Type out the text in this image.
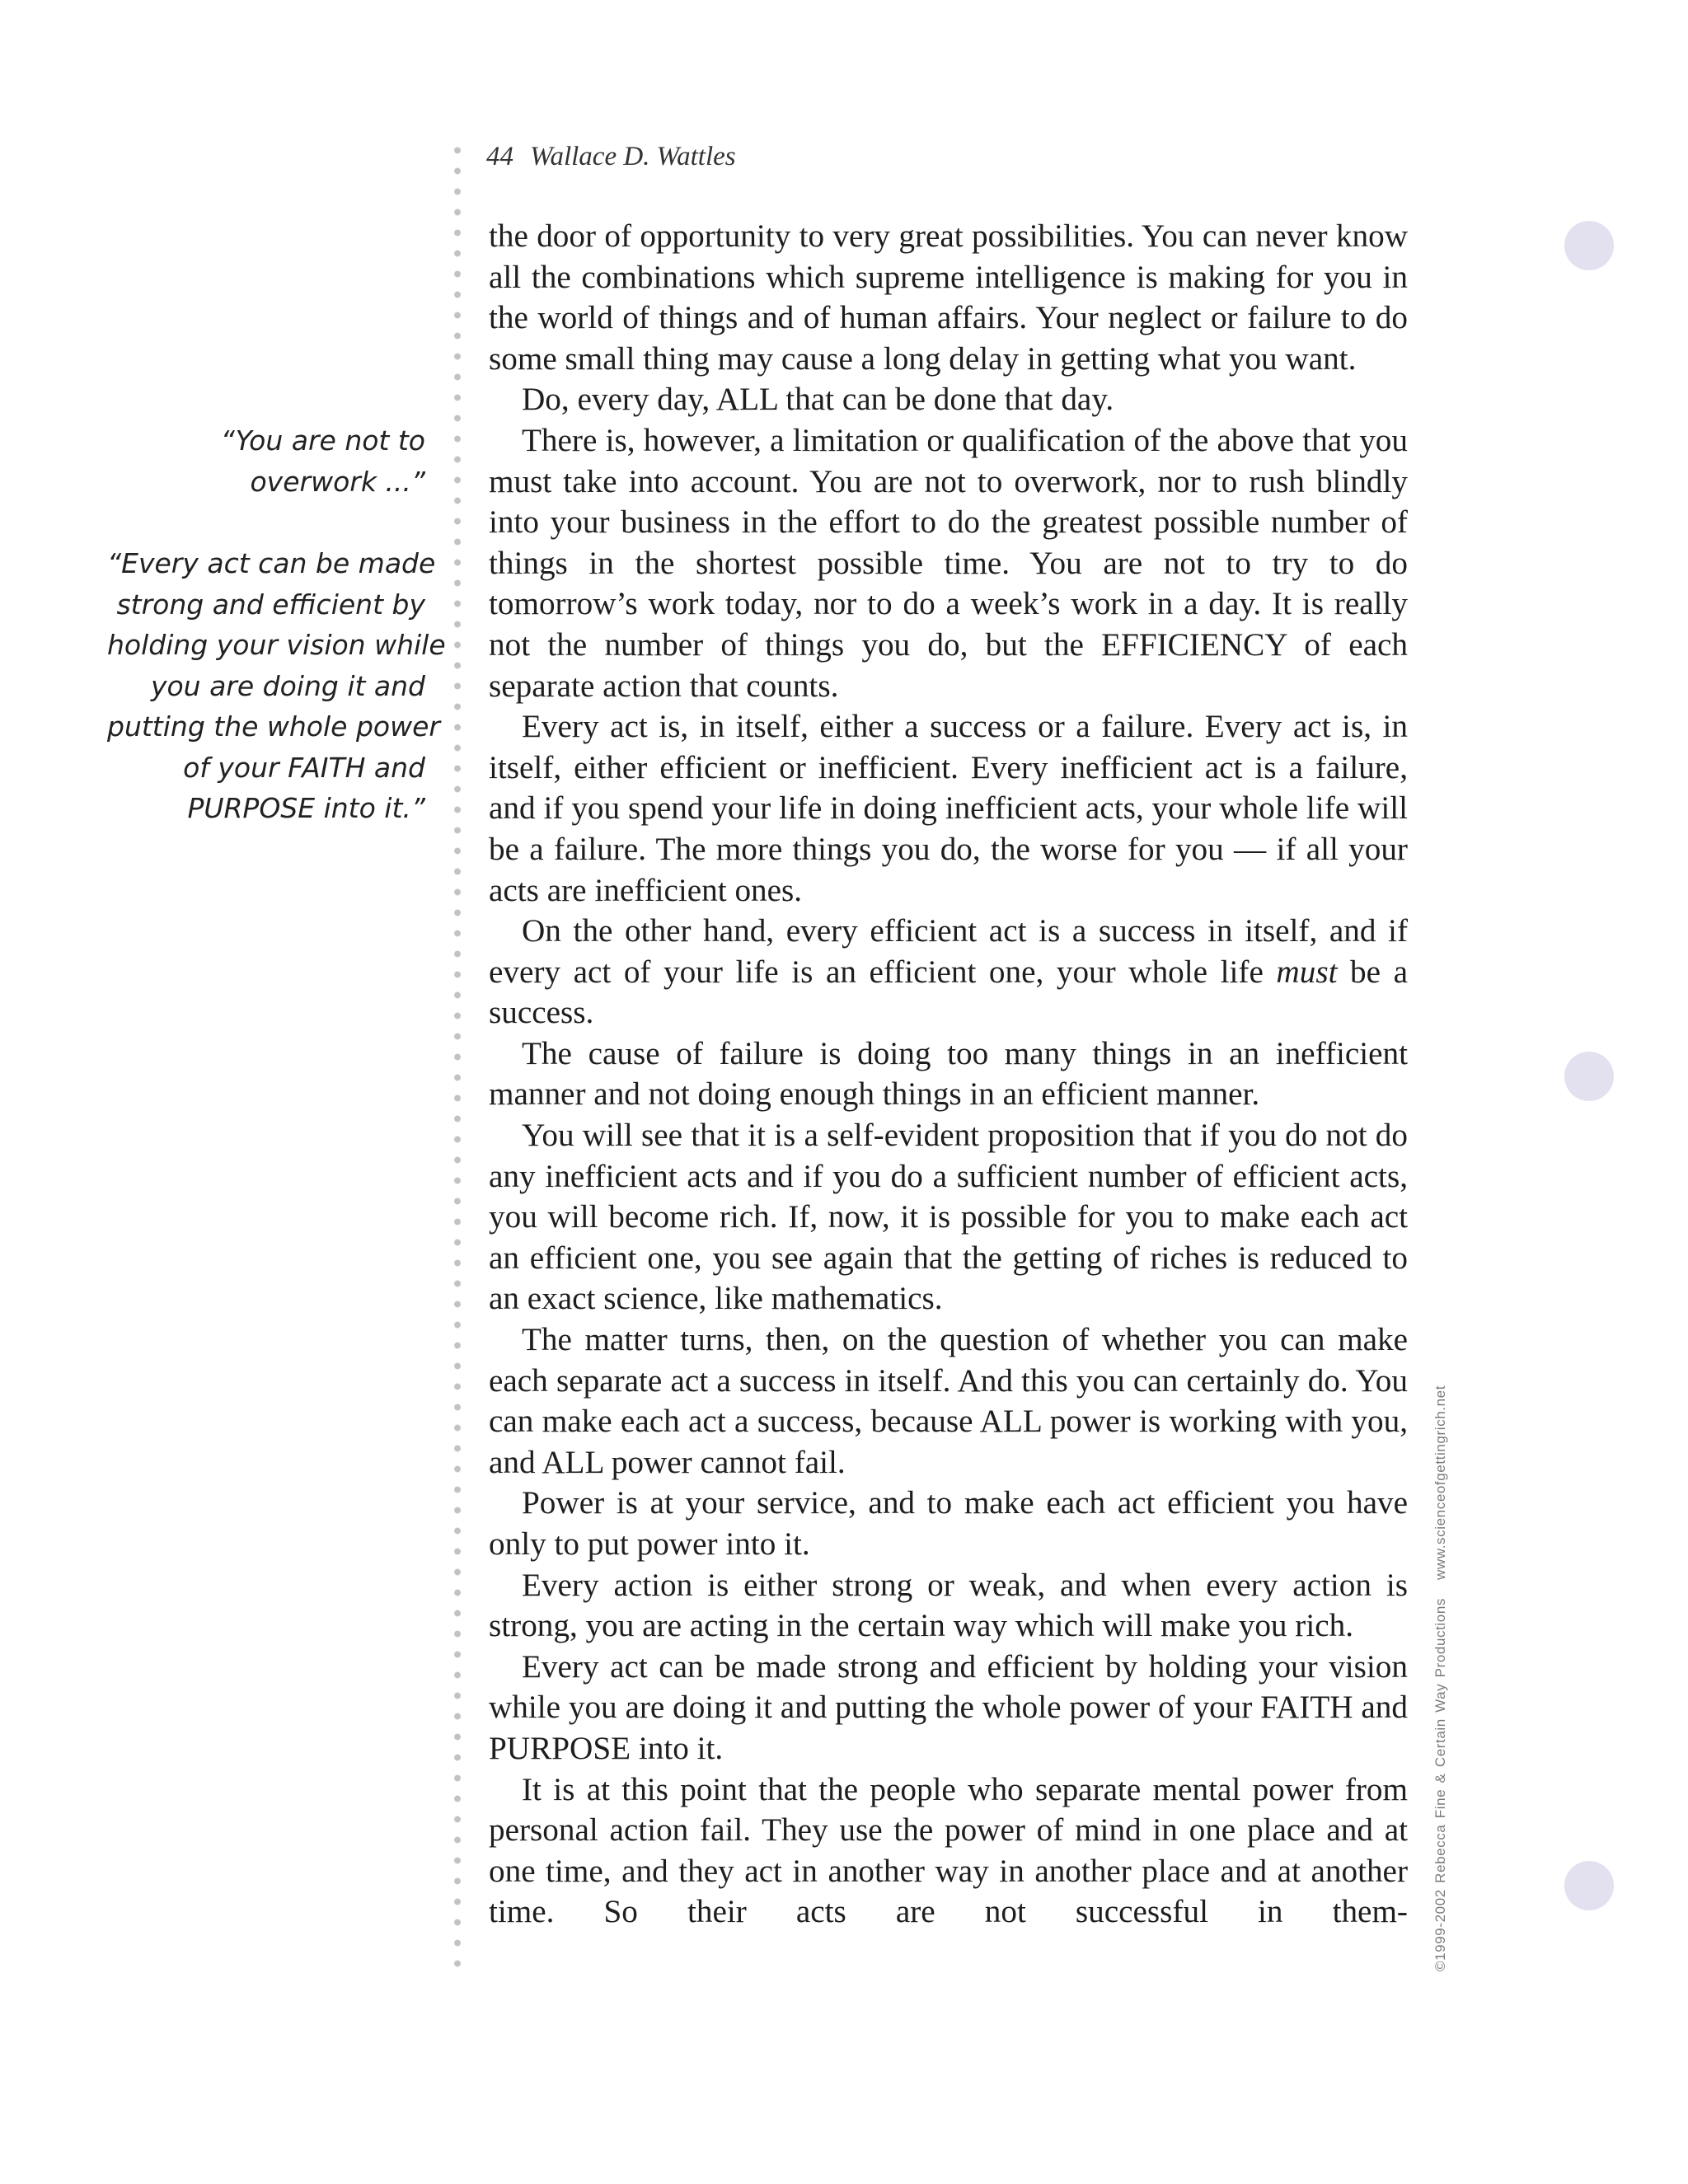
44 Wallace D. Wattles
“You are not to
overwork ...”
“Every act can be made
strong and efficient by
holding your vision while
you are doing it and
putting the whole power
of your FAITH and
PURPOSE into it.”

the door of opportunity to very great possibilities. You can never know all the combinations which supreme intelligence is making for you in the world of things and of human affairs. Your neglect or failure to do some small thing may cause a long delay in getting what you want.

Do, every day, ALL that can be done that day.

There is, however, a limitation or qualification of the above that you must take into account. You are not to overwork, nor to rush blindly into your business in the effort to do the greatest possible number of things in the shortest possible time. You are not to try to do tomorrow’s work today, nor to do a week’s work in a day. It is really not the number of things you do, but the EFFICIENCY of each separate action that counts.

Every act is, in itself, either a success or a failure. Every act is, in itself, either efficient or inefficient. Every inefficient act is a failure, and if you spend your life in doing inefficient acts, your whole life will be a failure. The more things you do, the worse for you — if all your acts are inefficient ones.

On the other hand, every efficient act is a success in itself, and if every act of your life is an efficient one, your whole life must be a success.

The cause of failure is doing too many things in an inefficient manner and not doing enough things in an efficient manner.

You will see that it is a self-evident proposition that if you do not do any inefficient acts and if you do a sufficient number of efficient acts, you will become rich. If, now, it is possible for you to make each act an efficient one, you see again that the getting of riches is reduced to an exact science, like mathematics.

The matter turns, then, on the question of whether you can make each separate act a success in itself. And this you can certainly do. You can make each act a success, because ALL power is working with you, and ALL power cannot fail.

Power is at your service, and to make each act efficient you have only to put power into it.

Every action is either strong or weak, and when every action is strong, you are acting in the certain way which will make you rich.

Every act can be made strong and efficient by holding your vision while you are doing it and putting the whole power of your FAITH and PURPOSE into it.

It is at this point that the people who separate mental power from personal action fail. They use the power of mind in one place and at one time, and they act in another way in another place and at another time. So their acts are not successful in them- ©1999-2002 Rebecca Fine & Certain Way Productionswww.scienceofgettingrich.net
